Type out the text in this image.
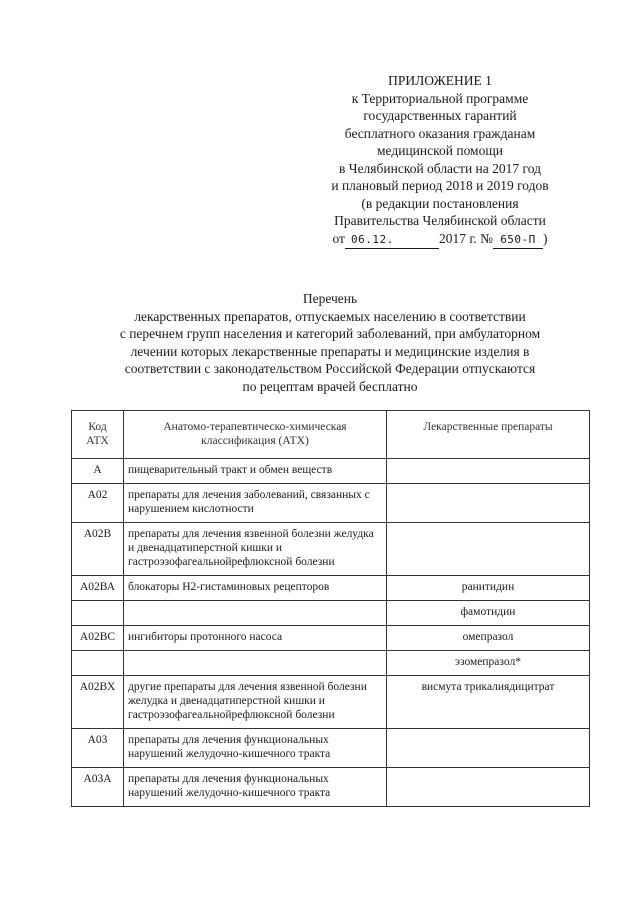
ПРИЛОЖЕНИЕ 1
к Территориальной программе
государственных гарантий
бесплатного оказания гражданам
медицинской помощи
в Челябинской области на 2017 год
и плановый период 2018 и 2019 годов
(в редакции постановления
Правительства Челябинской области
от 06.12.	2017 г. № 650-П )
Перечень
лекарственных препаратов, отпускаемых населению в соответствии
с перечнем групп населения и категорий заболеваний, при амбулаторном
лечении которых лекарственные препараты и медицинские изделия в
соответствии с законодательством Российской Федерации отпускаются
по рецептам врачей бесплатно
Код АТХ	Анатомо-терапевтическо-химическая классификация (АТХ)	Лекарственные препараты
А	пищеварительный тракт и обмен веществ	
А02	препараты для лечения заболеваний, связанных с нарушением кислотности	
А02В	препараты для лечения язвенной болезни желудка и двенадцатиперстной кишки и гастроэзофагеальнойрефлюксной болезни	
А02ВА	блокаторы Н2-гистаминовых рецепторов	ранитидин
		фамотидин
А02ВС	ингибиторы протонного насоса	омепразол
		эзомепразол*
А02ВХ	другие препараты для лечения язвенной болезни желудка и двенадцатиперстной кишки и гастроэзофагеальнойрефлюксной болезни	висмута трикалиядицитрат
А03	препараты для лечения функциональных нарушений желудочно-кишечного тракта	
А03А	препараты для лечения функциональных нарушений желудочно-кишечного тракта	
